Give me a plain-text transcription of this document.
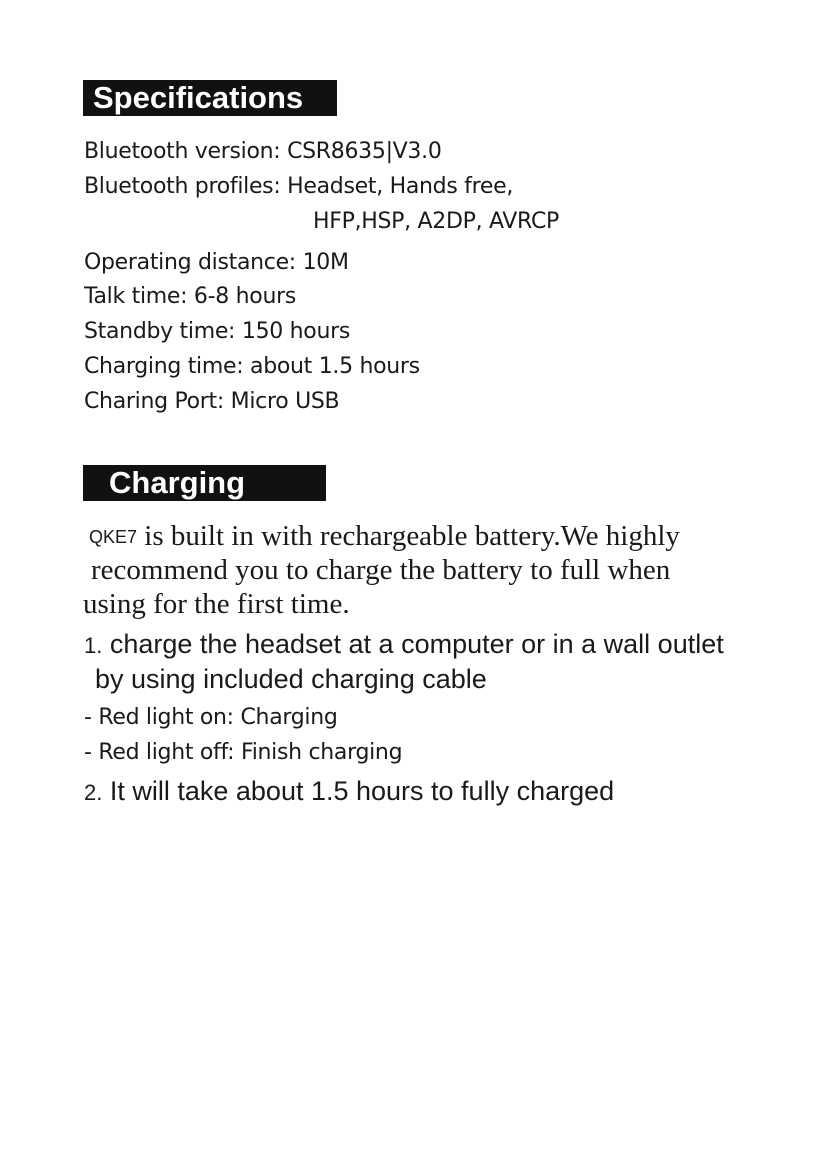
Specifications
Bluetooth version: CSR8635|V3.0
Bluetooth profiles: Headset, Hands free,
HFP,HSP, A2DP, AVRCP
Operating distance: 10M
Talk time: 6-8 hours
Standby time: 150 hours
Charging time: about 1.5 hours
Charing Port: Micro USB
Charging
QKE7 is built in with rechargeable battery.We highly
recommend you to charge the battery to full when
using for the first time.
1. charge the headset at a computer or in a wall outlet
by using included charging cable
- Red light on: Charging
- Red light off: Finish charging
2. It will take about 1.5 hours to fully charged
